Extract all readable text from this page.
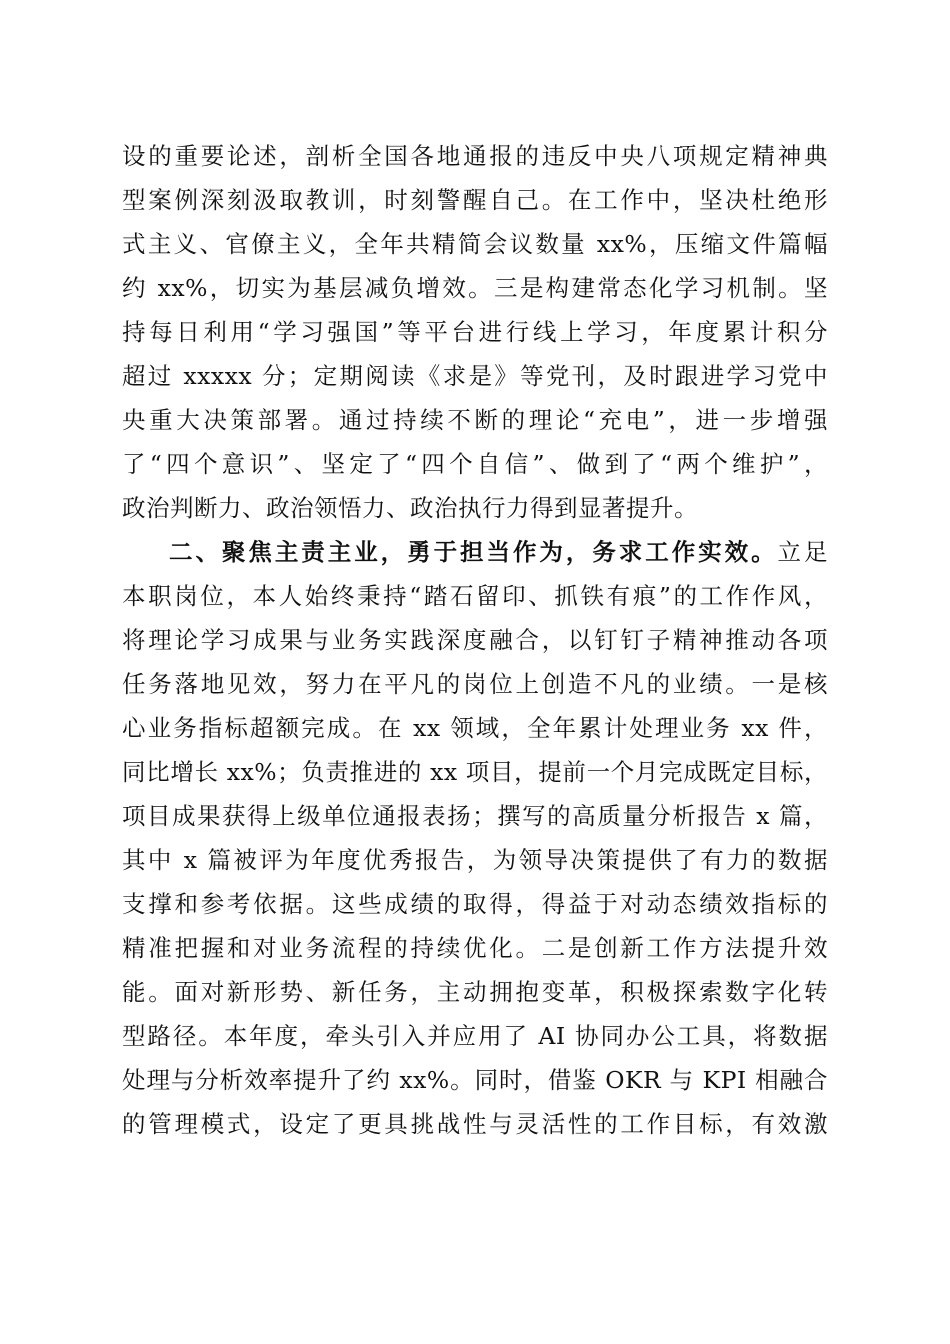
设的重要论述，剖析全国各地通报的违反中央八项规定精神典
型案例深刻汲取教训，时刻警醒自己。在工作中，坚决杜绝形
式主义、官僚主义，全年共精简会议数量 xx%，压缩文件篇幅
约 xx%，切实为基层减负增效。三是构建常态化学习机制。坚
持每日利用“学习强国”等平台进行线上学习，年度累计积分
超过 xxxxx 分；定期阅读《求是》等党刊，及时跟进学习党中
央重大决策部署。通过持续不断的理论“充电”，进一步增强
了“四个意识”、坚定了“四个自信”、做到了“两个维护”，
政治判断力、政治领悟力、政治执行力得到显著提升。
二、聚焦主责主业，勇于担当作为，务求工作实效。立足
本职岗位，本人始终秉持“踏石留印、抓铁有痕”的工作作风，
将理论学习成果与业务实践深度融合，以钉钉子精神推动各项
任务落地见效，努力在平凡的岗位上创造不凡的业绩。一是核
心业务指标超额完成。在 xx 领域，全年累计处理业务 xx 件，
同比增长 xx%；负责推进的 xx 项目，提前一个月完成既定目标，
项目成果获得上级单位通报表扬；撰写的高质量分析报告 x 篇，
其中 x 篇被评为年度优秀报告，为领导决策提供了有力的数据
支撑和参考依据。这些成绩的取得，得益于对动态绩效指标的
精准把握和对业务流程的持续优化。二是创新工作方法提升效
能。面对新形势、新任务，主动拥抱变革，积极探索数字化转
型路径。本年度，牵头引入并应用了 AI 协同办公工具，将数据
处理与分析效率提升了约 xx%。同时，借鉴 OKR 与 KPI 相融合
的管理模式，设定了更具挑战性与灵活性的工作目标，有效激
